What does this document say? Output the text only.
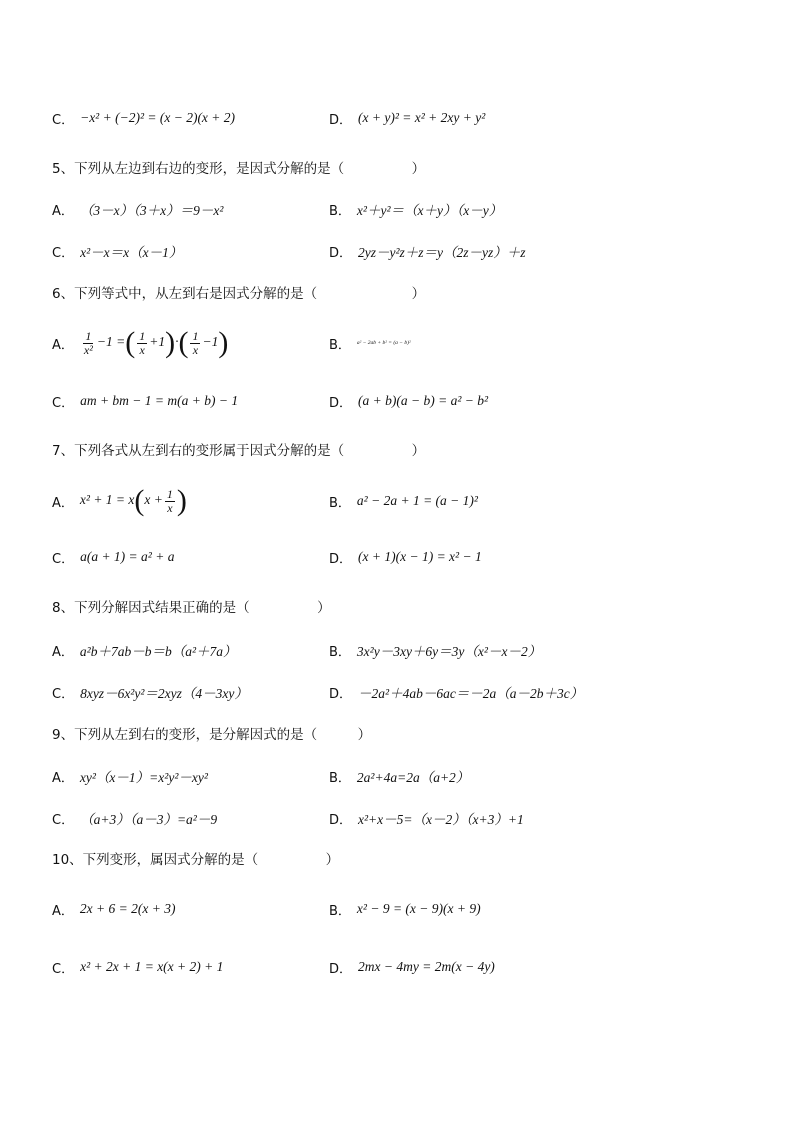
C． −x² + (−2)² = (x − 2)(x + 2)	D． (x + y)² = x² + 2xy + y²
5、下列从左边到右边的变形，是因式分解的是（　　　　　）
A． （3－x）（3＋x）＝9－x²	B． x²＋y²＝（x＋y）（x－y）
C． x²－x＝x（x－1）	D． 2yz－y²z＋z＝y（2z－yz）＋z
6、下列等式中，从左到右是因式分解的是（　　　　　　　）
A． $\frac{1}{\text{x²}} -1$ =( $\frac{1}{x} +1)\cdot( \frac{1}{x} -1)$	B． a² − 2ab + b² = (a − b)²
C． am + bm − 1 = m(a + b) − 1	D． (a + b)(a − b) = a² − b²
7、下列各式从左到右的变形属于因式分解的是（　　　　　）
A． $x^2 + 1 = x(x + \frac{1}{x}$ )	B． a² − 2a + 1 = (a − 1)²
C． a(a + 1) = a² + a	D． (x + 1)(x − 1) = x² − 1
8、下列分解因式结果正确的是（　　　　　）
A． a²b＋7ab－b＝b（a²＋7a）	B． 3x²y－3xy＋6y＝3y（x²－x－2）
C． 8xyz－6x²y²＝2xyz（4－3xy）	D． －2a²＋4ab－6ac＝－2a（a－2b＋3c）
9、下列从左到右的变形，是分解因式的是（　　　）
A． xy²（x－1）=x²y²－xy²	B． 2a²+4a=2a（a+2）
C． （a+3）（a－3）=a²－9	D． x²+x－5=（x－2）（x+3）+1
10、下列变形，属因式分解的是（　　　　　）
A． 2x + 6 = 2(x + 3)	B． x² − 9 = (x − 9)(x + 9)
C． x² + 2x + 1 = x(x + 2) + 1	D． 2mx − 4my = 2m(x − 4y)
